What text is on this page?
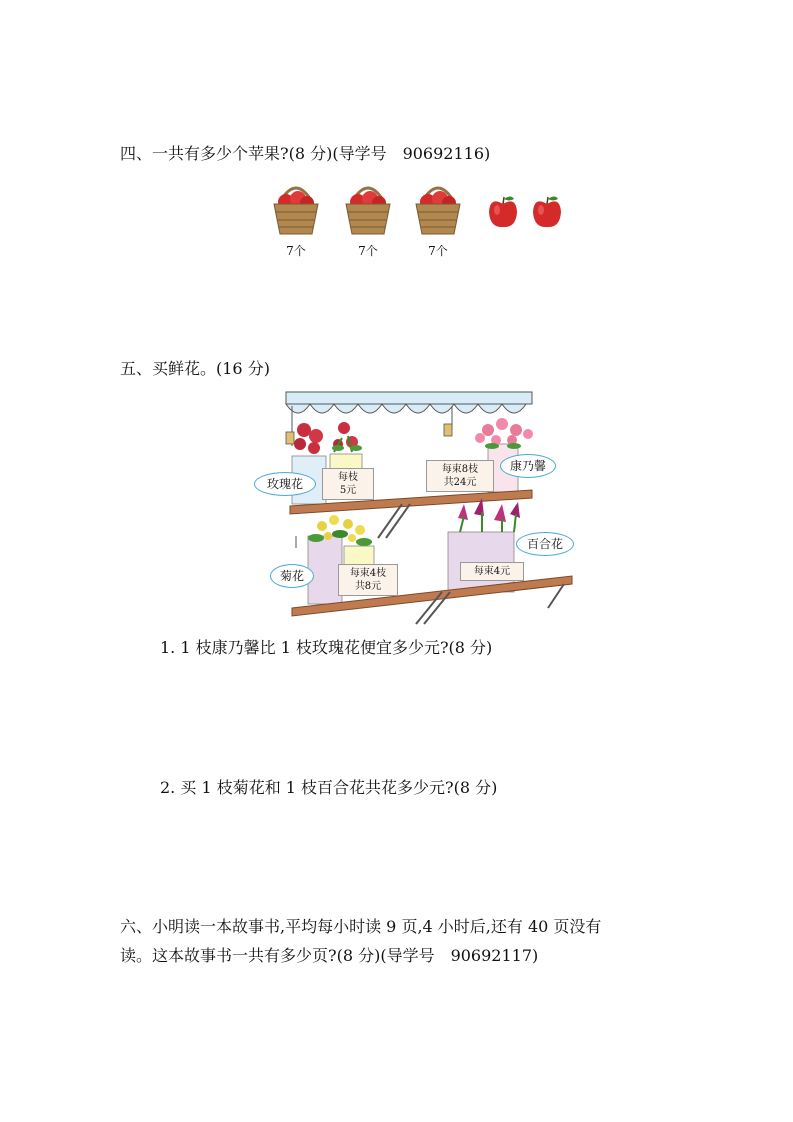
四、一共有多少个苹果?(8 分)(导学号　90692116)

7个	7个	7个

五、买鲜花。(16 分)

玫瑰花	每枝
5元
每束8枝
共24元
康乃馨
菊花	每束4枝
共8元
每束4元
百合花

1. 1 枝康乃馨比 1 枝玫瑰花便宜多少元?(8 分)

2. 买 1 枝菊花和 1 枝百合花共花多少元?(8 分)

六、小明读一本故事书,平均每小时读 9 页,4 小时后,还有 40 页没有

读。这本故事书一共有多少页?(8 分)(导学号　90692117)
